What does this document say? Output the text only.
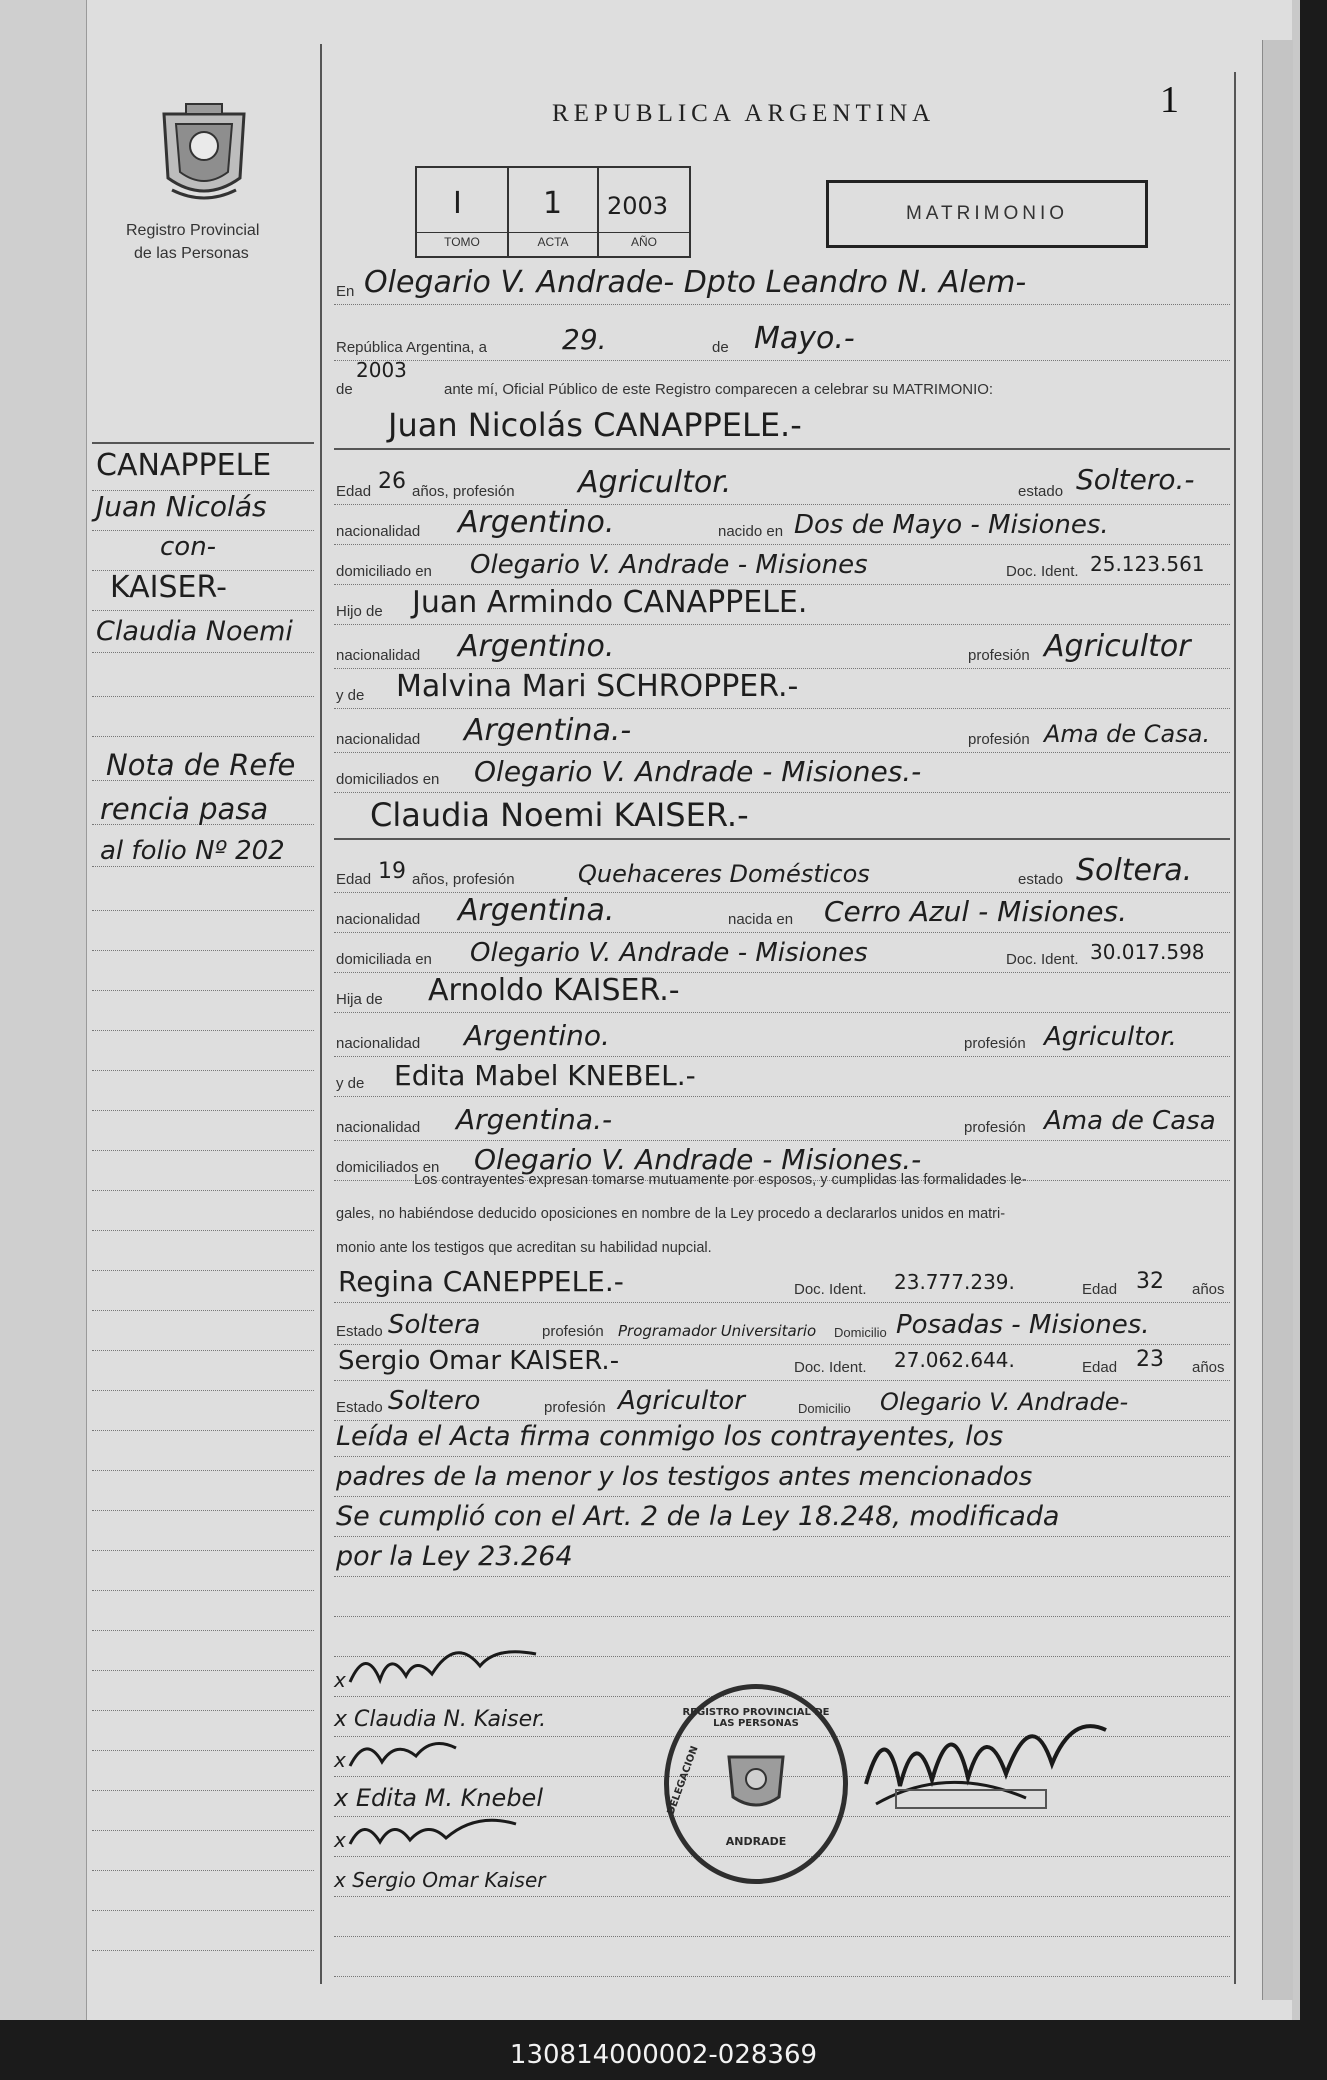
Registro Provincial
de las Personas
REPUBLICA ARGENTINA	1
I
TOMO
1
ACTA
2003
AÑO
MATRIMONIO
En Olegario V. Andrade- Dpto Leandro N. Alem-
República Argentina, a	29.	de Mayo.-
de
2003
ante mí, Oficial Público de este Registro comparecen a celebrar su MATRIMONIO:
Juan Nicolás CANAPPELE.-
Edad 26 años, profesión Agricultor.	estado Soltero.-
nacionalidad Argentino.	nacido en Dos de Mayo - Misiones.
domiciliado en Olegario V. Andrade - Misiones	Doc. Ident. 25.123.561
Hijo de Juan Armindo CANAPPELE.
nacionalidad Argentino.	profesión Agricultor
y de Malvina Mari SCHROPPER.-
nacionalidad Argentina.-	profesión Ama de Casa.
domiciliados en Olegario V. Andrade - Misiones.-
Claudia Noemi KAISER.-
Edad 19 años, profesión	Quehaceres Domésticos	estado Soltera.
nacionalidad Argentina.	nacida en Cerro Azul - Misiones.
domiciliada en Olegario V. Andrade - Misiones	Doc. Ident. 30.017.598
Hija de Arnoldo KAISER.-
nacionalidad Argentino.	profesión Agricultor.
y de Edita Mabel KNEBEL.-
nacionalidad Argentina.-	profesión Ama de Casa
domiciliados en Olegario V. Andrade - Misiones.-
Los contrayentes expresan tomarse mutuamente por esposos, y cumplidas las formalidades le-
gales, no habiéndose deducido oposiciones en nombre de la Ley procedo a declararlos unidos en matri-
monio ante los testigos que acreditan su habilidad nupcial.
Regina CANEPPELE.-	Doc. Ident. 23.777.239.	Edad 32 años
Estado Soltera	profesión Programador Universitario Domicilio Posadas - Misiones.
Sergio Omar KAISER.-	Doc. Ident. 27.062.644.	Edad 23 años
Estado Soltero	profesión Agricultor	Domicilio Olegario V. Andrade-
Leída el Acta firma conmigo los contrayentes, los
padres de la menor y los testigos antes mencionados
Se cumplió con el Art. 2 de la Ley 18.248, modificada
por la Ley 23.264
x
x Claudia N. Kaiser.
x
x Edita M. Knebel
x
x Sergio Omar Kaiser
REGISTRO PROVINCIAL DE LAS PERSONAS
DELEGACION
ANDRADE
CANAPPELE
Juan Nicolás
con-
KAISER-
Claudia Noemi
Nota de Refe
rencia pasa
al folio Nº 202
130814000002-028369
